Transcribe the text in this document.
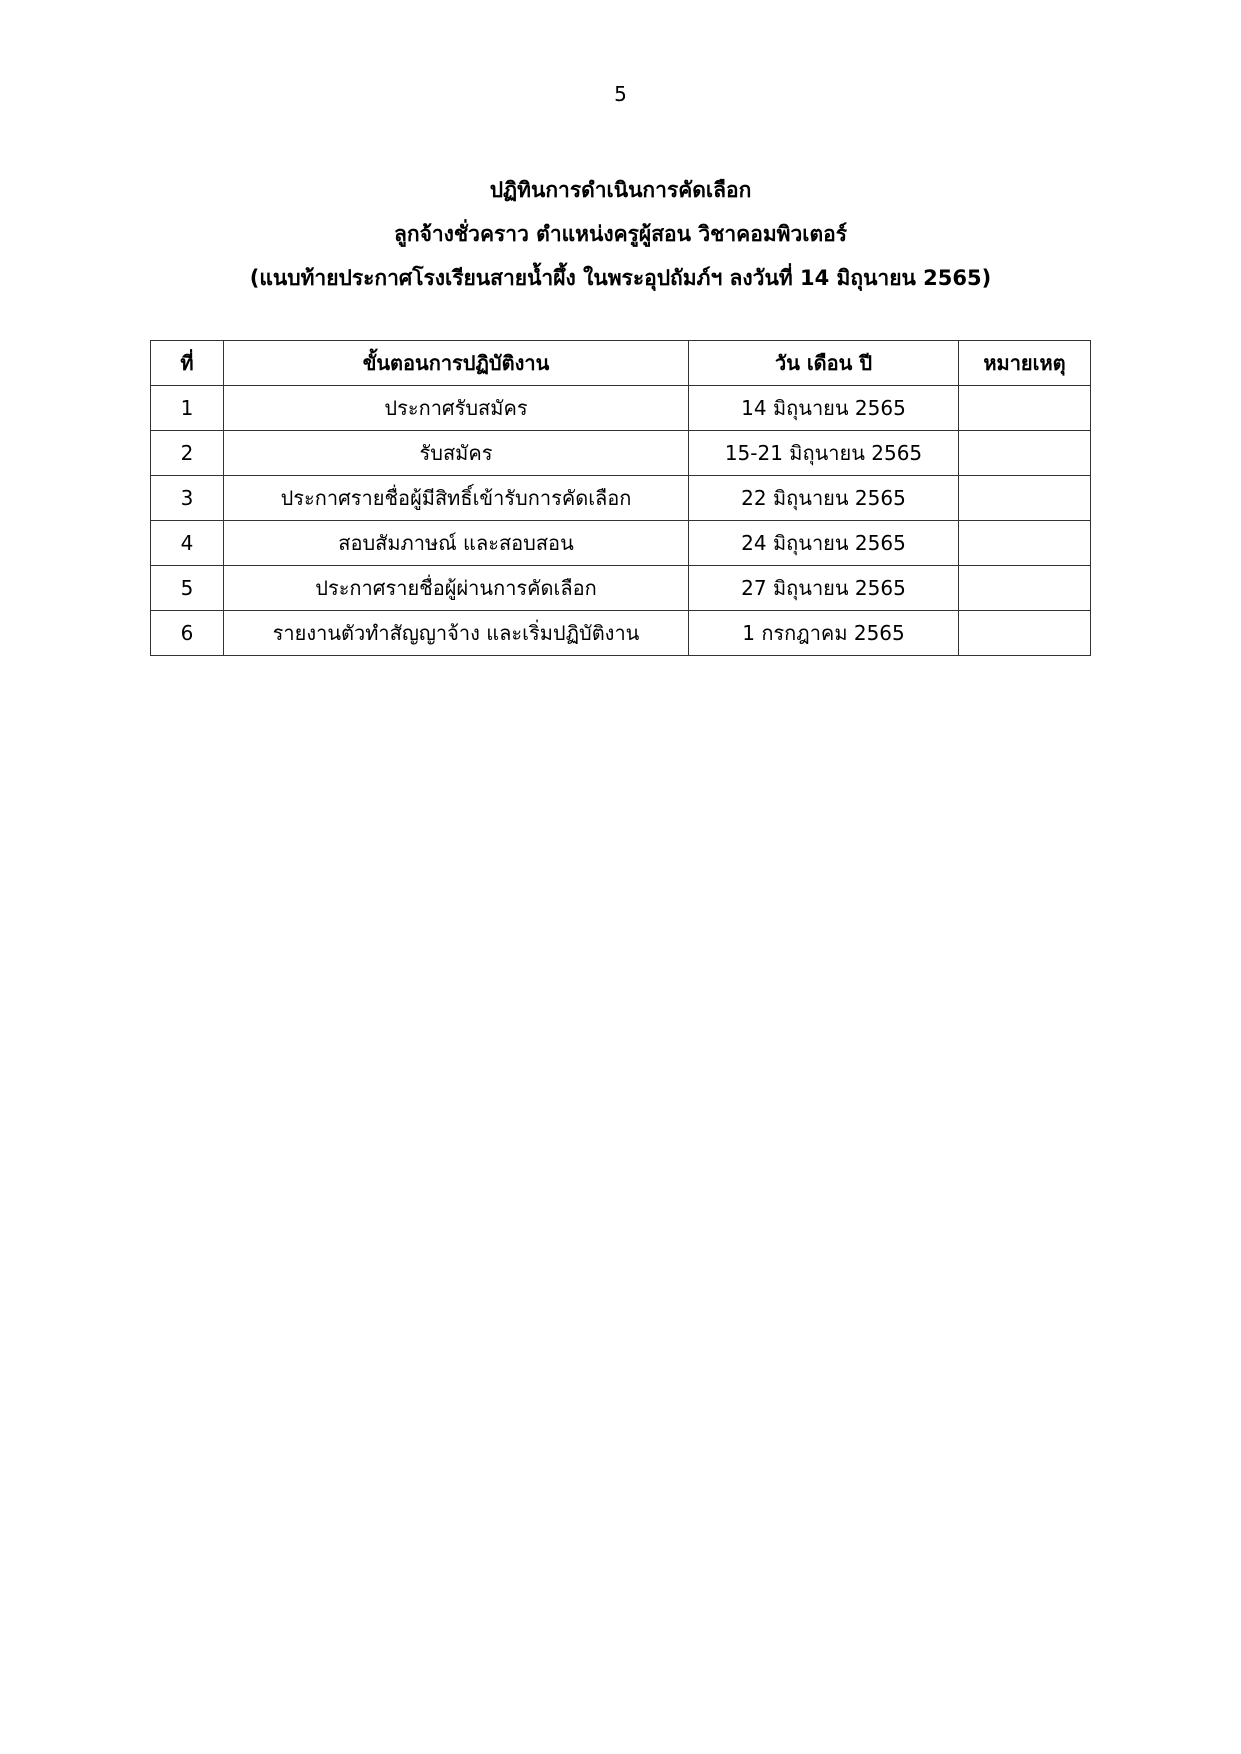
5
ปฏิทินการดำเนินการคัดเลือก
ลูกจ้างชั่วคราว ตำแหน่งครูผู้สอน วิชาคอมพิวเตอร์
(แนบท้ายประกาศโรงเรียนสายน้ำผึ้ง ในพระอุปถัมภ์ฯ ลงวันที่ 14 มิถุนายน 2565)
ที่	ขั้นตอนการปฏิบัติงาน	วัน เดือน ปี	หมายเหตุ
1	ประกาศรับสมัคร	14 มิถุนายน 2565	
2	รับสมัคร	15-21 มิถุนายน 2565	
3	ประกาศรายชื่อผู้มีสิทธิ์เข้ารับการคัดเลือก	22 มิถุนายน 2565	
4	สอบสัมภาษณ์ และสอบสอน	24 มิถุนายน 2565	
5	ประกาศรายชื่อผู้ผ่านการคัดเลือก	27 มิถุนายน 2565	
6	รายงานตัวทำสัญญาจ้าง และเริ่มปฏิบัติงาน	1 กรกฎาคม 2565	
